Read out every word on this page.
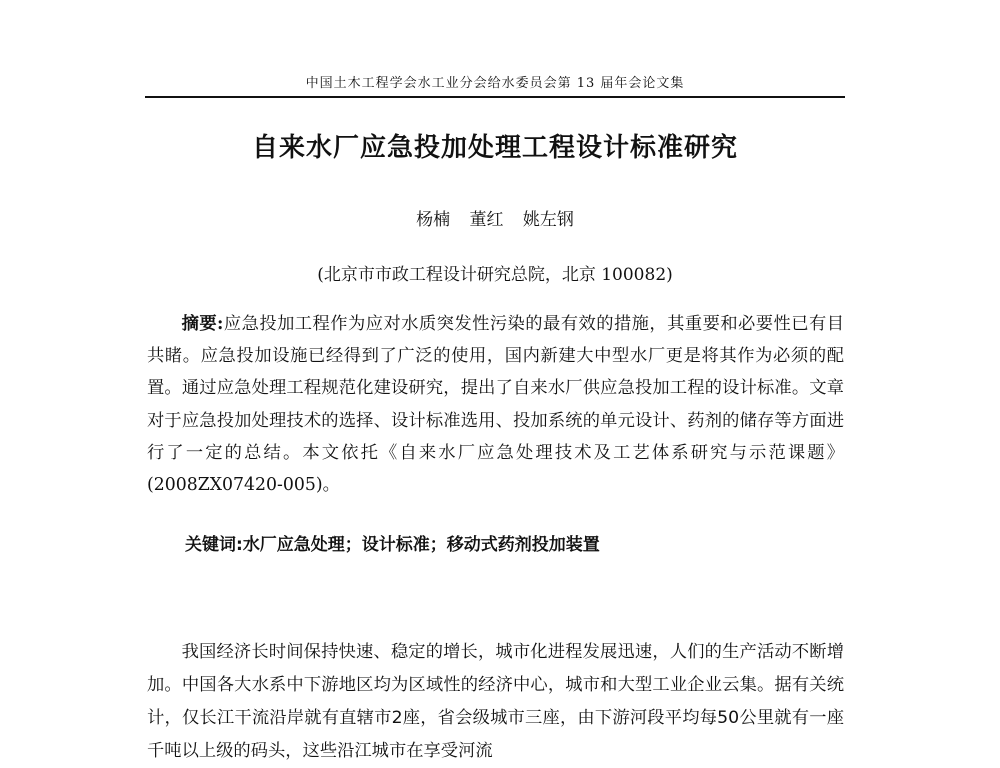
中国土木工程学会水工业分会给水委员会第 13 届年会论文集
自来水厂应急投加处理工程设计标准研究
杨楠 董红 姚左钢
(北京市市政工程设计研究总院，北京 100082)

摘要:应急投加工程作为应对水质突发性污染的最有效的措施，其重要和必要性已有目共睹。应急投加设施已经得到了广泛的使用，国内新建大中型水厂更是将其作为必须的配置。通过应急处理工程规范化建设研究，提出了自来水厂供应急投加工程的设计标准。文章对于应急投加处理技术的选择、设计标准选用、投加系统的单元设计、药剂的储存等方面进行了一定的总结。本文依托《自来水厂应急处理技术及工艺体系研究与示范课题》(2008ZX07420-005)。

关键词:水厂应急处理；设计标准；移动式药剂投加装置

我国经济长时间保持快速、稳定的增长，城市化进程发展迅速，人们的生产活动不断增加。中国各大水系中下游地区均为区域性的经济中心，城市和大型工业企业云集。据有关统计，仅长江干流沿岸就有直辖市2座，省会级城市三座，由下游河段平均每50公里就有一座千吨以上级的码头，这些沿江城市在享受河流
